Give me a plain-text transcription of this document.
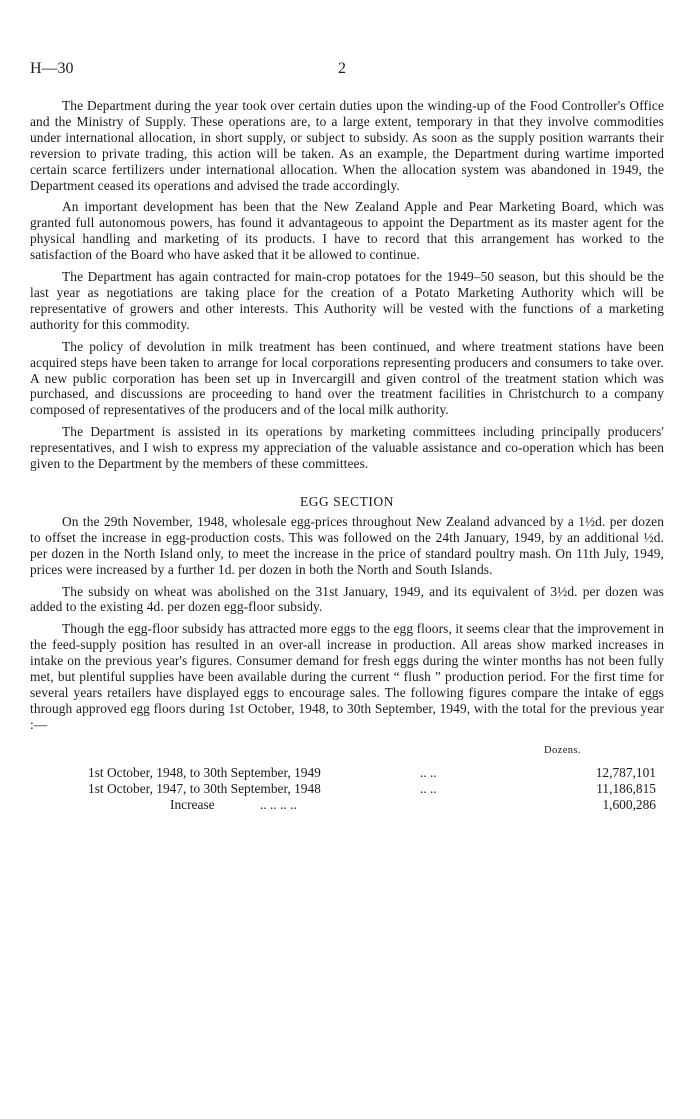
H—30	2

The Department during the year took over certain duties upon the winding-up of the Food Controller's Office and the Ministry of Supply. These operations are, to a large extent, temporary in that they involve commodities under international allocation, in short supply, or subject to subsidy. As soon as the supply position warrants their reversion to private trading, this action will be taken. As an example, the Department during wartime imported certain scarce fertilizers under international allocation. When the allocation system was abandoned in 1949, the Department ceased its operations and advised the trade accordingly.

An important development has been that the New Zealand Apple and Pear Marketing Board, which was granted full autonomous powers, has found it advantageous to appoint the Department as its master agent for the physical handling and marketing of its products. I have to record that this arrangement has worked to the satisfaction of the Board who have asked that it be allowed to continue.

The Department has again contracted for main-crop potatoes for the 1949–50 season, but this should be the last year as negotiations are taking place for the creation of a Potato Marketing Authority which will be representative of growers and other interests. This Authority will be vested with the functions of a marketing authority for this commodity.

The policy of devolution in milk treatment has been continued, and where treatment stations have been acquired steps have been taken to arrange for local corporations representing producers and consumers to take over. A new public corporation has been set up in Invercargill and given control of the treatment station which was purchased, and discussions are proceeding to hand over the treatment facilities in Christchurch to a company composed of representatives of the producers and of the local milk authority.

The Department is assisted in its operations by marketing committees including principally producers' representatives, and I wish to express my appreciation of the valuable assistance and co-operation which has been given to the Department by the members of these committees.

EGG SECTION

On the 29th November, 1948, wholesale egg-prices throughout New Zealand advanced by a 1½d. per dozen to offset the increase in egg-production costs. This was followed on the 24th January, 1949, by an additional ½d. per dozen in the North Island only, to meet the increase in the price of standard poultry mash. On 11th July, 1949, prices were increased by a further 1d. per dozen in both the North and South Islands.

The subsidy on wheat was abolished on the 31st January, 1949, and its equivalent of 3½d. per dozen was added to the existing 4d. per dozen egg-floor subsidy.

Though the egg-floor subsidy has attracted more eggs to the egg floors, it seems clear that the improvement in the feed-supply position has resulted in an over-all increase in production. All areas show marked increases in intake on the previous year's figures. Consumer demand for fresh eggs during the winter months has not been fully met, but plentiful supplies have been available during the current “ flush ” production period. For the first time for several years retailers have displayed eggs to encourage sales. The following figures compare the intake of eggs through approved egg floors during 1st October, 1948, to 30th September, 1949, with the total for the previous year :—

Dozens.
1st October, 1948, to 30th September, 1949	.. ..	12,787,101
1st October, 1947, to 30th September, 1948	.. ..	11,186,815
Increase	.. .. .. ..	1,600,286
